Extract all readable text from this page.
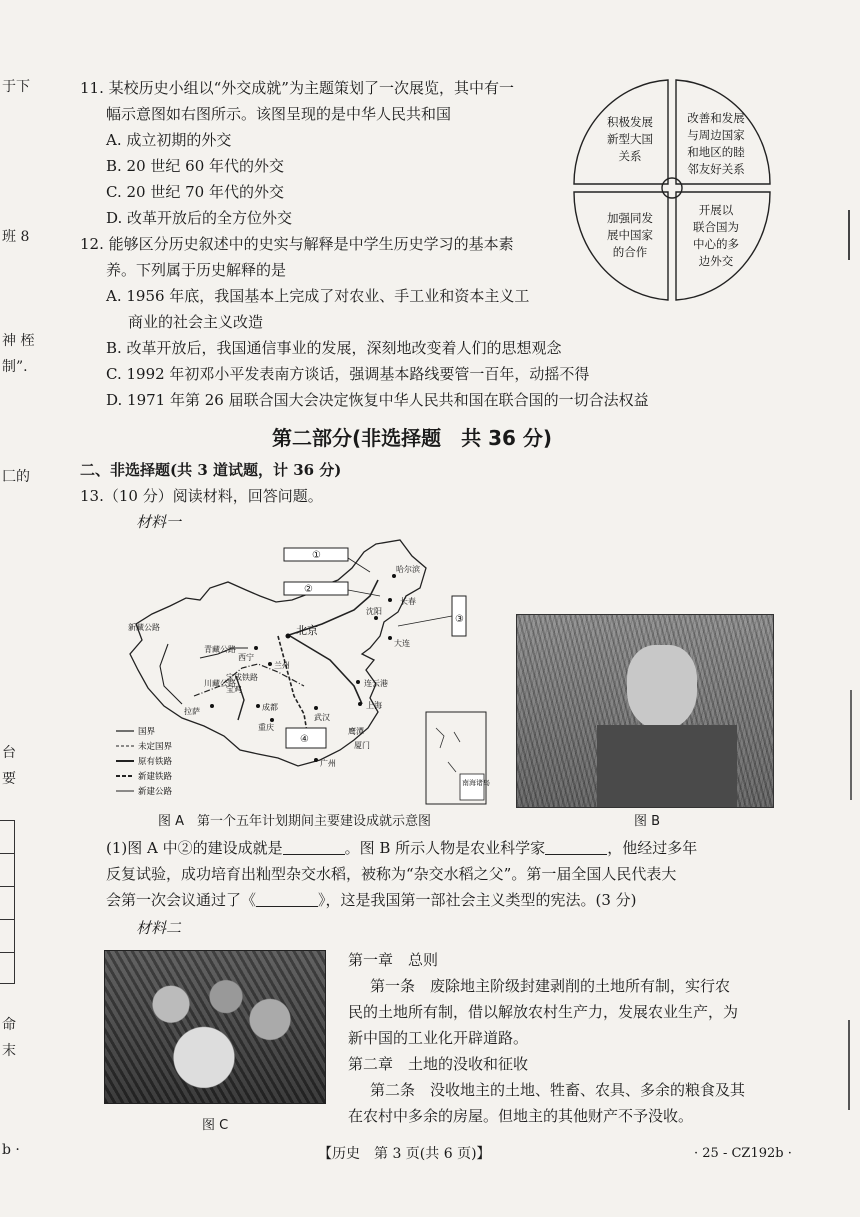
于下
班 8
神 桎
制”.
匚的
台
要
命
末
b ·
11. 某校历史小组以“外交成就”为主题策划了一次展览，其中有一
幅示意图如右图所示。该图呈现的是中华人民共和国
A. 成立初期的外交
B. 20 世纪 60 年代的外交
C. 20 世纪 70 年代的外交
D. 改革开放后的全方位外交
积极发展
新型大国
关系
改善和发展
与周边国家
和地区的睦
邻友好关系
加强同发
展中国家
的合作
开展以
联合国为
中心的多
边外交
12. 能够区分历史叙述中的史实与解释是中学生历史学习的基本素
养。下列属于历史解释的是
A. 1956 年底，我国基本上完成了对农业、手工业和资本主义工
商业的社会主义改造
B. 改革开放后，我国通信事业的发展，深刻地改变着人们的思想观念
C. 1992 年初邓小平发表南方谈话，强调基本路线要管一百年，动摇不得
D. 1971 年第 26 届联合国大会决定恢复中华人民共和国在联合国的一切合法权益
第二部分(非选择题　共 36 分)
二、非选择题(共 3 道试题，计 36 分)
13.（10 分）阅读材料，回答问题。
材料一
哈尔滨
长春
沈阳
北京
大连
西宁
兰州
成都
武汉
上海
重庆
广州
连云港
拉萨
宝鸡
鹰潭
厦门
新藏公路
青藏公路
川藏公路
宝成铁路
①
②
③
④
国界
未定国界
原有铁路
新建铁路
新建公路
南海诸岛
图 A　第一个五年计划期间主要建设成就示意图	图 B
(1)图 A 中②的建设成就是	。图 B 所示人物是农业科学家	，他经过多年
反复试验，成功培育出籼型杂交水稻，被称为“杂交水稻之父”。第一届全国人民代表大
会第一次会议通过了《	》，这是我国第一部社会主义类型的宪法。(3 分)
材料二
图 C
第一章　总则
第一条　废除地主阶级封建剥削的土地所有制，实行农
民的土地所有制，借以解放农村生产力，发展农业生产，为
新中国的工业化开辟道路。
第二章　土地的没收和征收
第二条　没收地主的土地、牲畜、农具、多余的粮食及其
在农村中多余的房屋。但地主的其他财产不予没收。
【历史　第 3 页(共 6 页)】	· 25 - CZ192b ·
